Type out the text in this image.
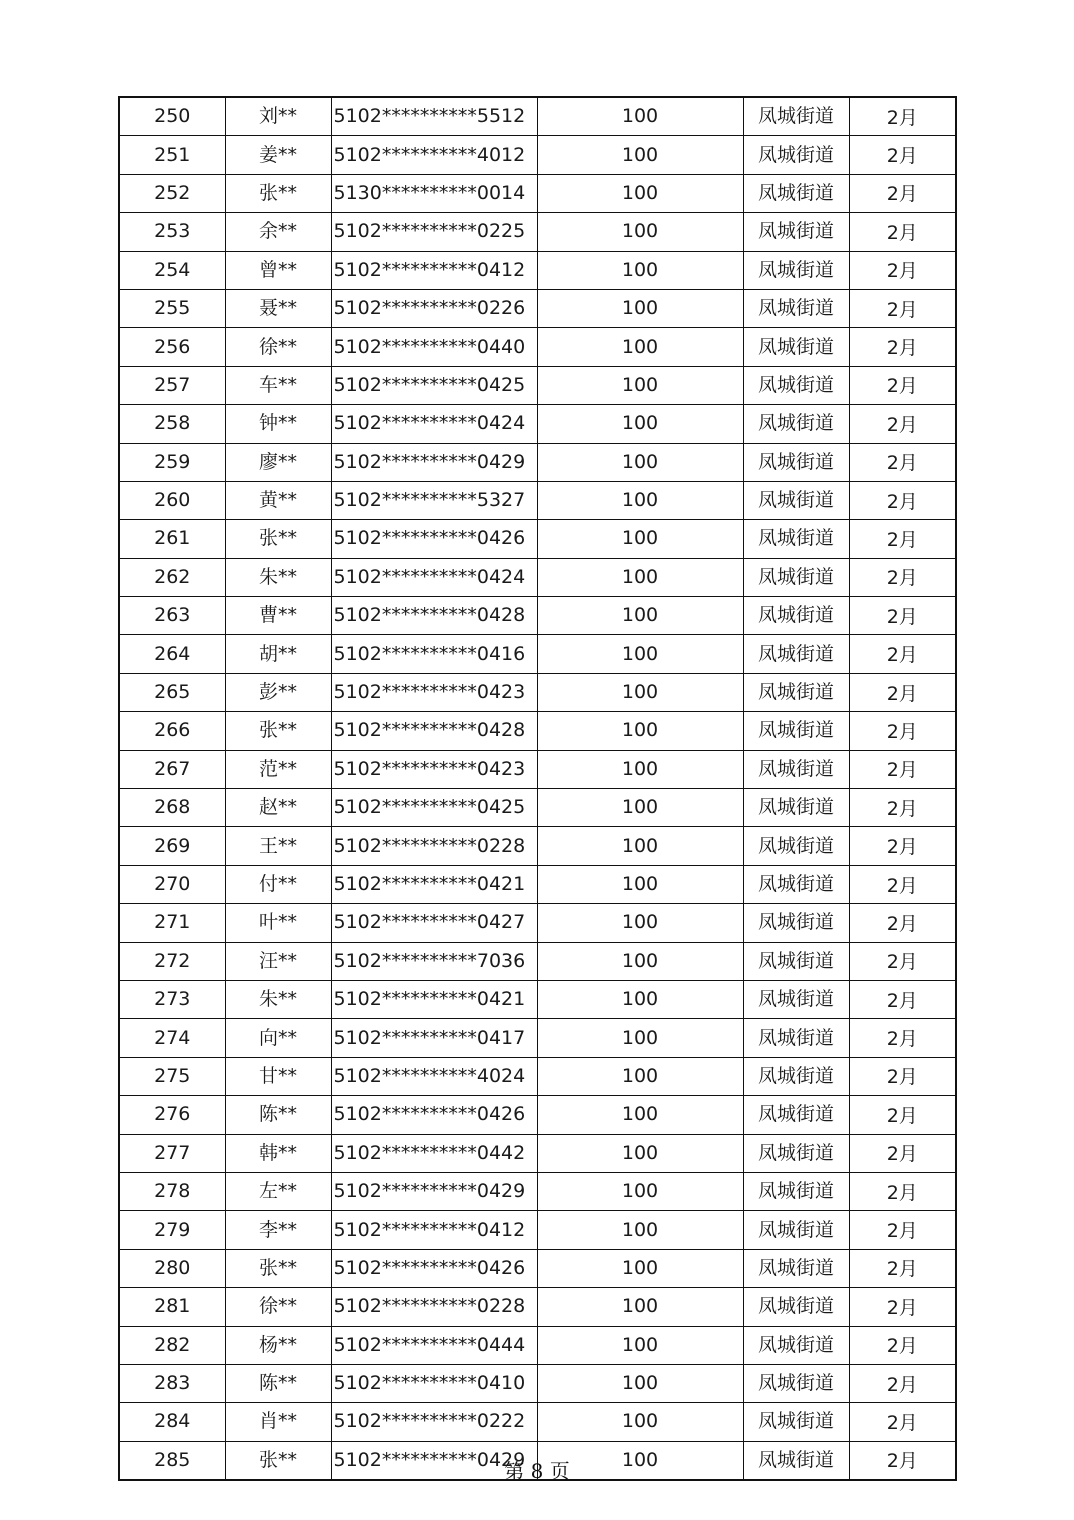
250	刘**	5102**********5512	100	凤城街道	2月
251	姜**	5102**********4012	100	凤城街道	2月
252	张**	5130**********0014	100	凤城街道	2月
253	余**	5102**********0225	100	凤城街道	2月
254	曾**	5102**********0412	100	凤城街道	2月
255	聂**	5102**********0226	100	凤城街道	2月
256	徐**	5102**********0440	100	凤城街道	2月
257	车**	5102**********0425	100	凤城街道	2月
258	钟**	5102**********0424	100	凤城街道	2月
259	廖**	5102**********0429	100	凤城街道	2月
260	黄**	5102**********5327	100	凤城街道	2月
261	张**	5102**********0426	100	凤城街道	2月
262	朱**	5102**********0424	100	凤城街道	2月
263	曹**	5102**********0428	100	凤城街道	2月
264	胡**	5102**********0416	100	凤城街道	2月
265	彭**	5102**********0423	100	凤城街道	2月
266	张**	5102**********0428	100	凤城街道	2月
267	范**	5102**********0423	100	凤城街道	2月
268	赵**	5102**********0425	100	凤城街道	2月
269	王**	5102**********0228	100	凤城街道	2月
270	付**	5102**********0421	100	凤城街道	2月
271	叶**	5102**********0427	100	凤城街道	2月
272	汪**	5102**********7036	100	凤城街道	2月
273	朱**	5102**********0421	100	凤城街道	2月
274	向**	5102**********0417	100	凤城街道	2月
275	甘**	5102**********4024	100	凤城街道	2月
276	陈**	5102**********0426	100	凤城街道	2月
277	韩**	5102**********0442	100	凤城街道	2月
278	左**	5102**********0429	100	凤城街道	2月
279	李**	5102**********0412	100	凤城街道	2月
280	张**	5102**********0426	100	凤城街道	2月
281	徐**	5102**********0228	100	凤城街道	2月
282	杨**	5102**********0444	100	凤城街道	2月
283	陈**	5102**********0410	100	凤城街道	2月
284	肖**	5102**********0222	100	凤城街道	2月
285	张**	5102**********0429	100	凤城街道	2月
第 8 页
